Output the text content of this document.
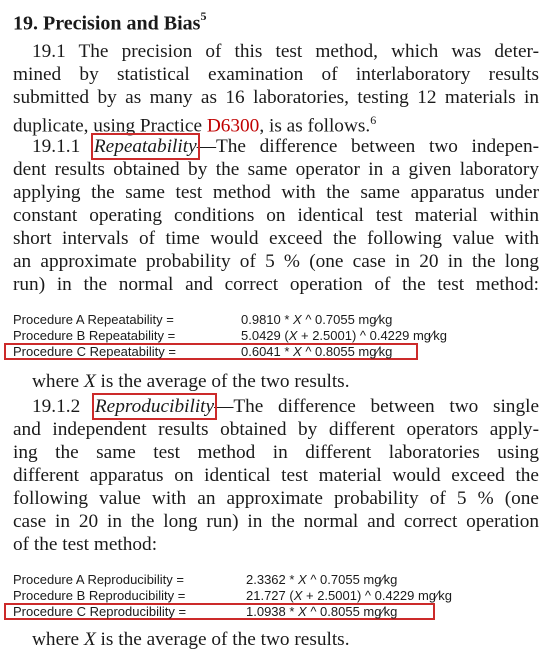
19. Precision and Bias$^5$
19.1 The precision of this test method, which was deter-
mined by statistical examination of interlaboratory results
submitted by as many as 16 laboratories, testing 12 materials in
duplicate, using Practice D6300, is as follows.$^6$
19.1.1 Repeatability—The difference between two indepen-
dent results obtained by the same operator in a given laboratory
applying the same test method with the same apparatus under
constant operating conditions on identical test material within
short intervals of time would exceed the following value with
an approximate probability of 5 % (one case in 20 in the long
run) in the normal and correct operation of the test method:
Procedure A Repeatability =	0.9810 * X ^ 0.7055 mg⁄kg
Procedure B Repeatability =	5.0429 (X + 2.5001) ^ 0.4229 mg⁄kg
Procedure C Repeatability =	0.6041 * X ^ 0.8055 mg⁄kg
where X is the average of the two results.
19.1.2 Reproducibility—The difference between two single
and independent results obtained by different operators apply-
ing the same test method in different laboratories using
different apparatus on identical test material would exceed the
following value with an approximate probability of 5 % (one
case in 20 in the long run) in the normal and correct operation
of the test method:
Procedure A Reproducibility =	2.3362 * X ^ 0.7055 mg⁄kg
Procedure B Reproducibility =	21.727 (X + 2.5001) ^ 0.4229 mg⁄kg
Procedure C Reproducibility =	1.0938 * X ^ 0.8055 mg⁄kg
where X is the average of the two results.
